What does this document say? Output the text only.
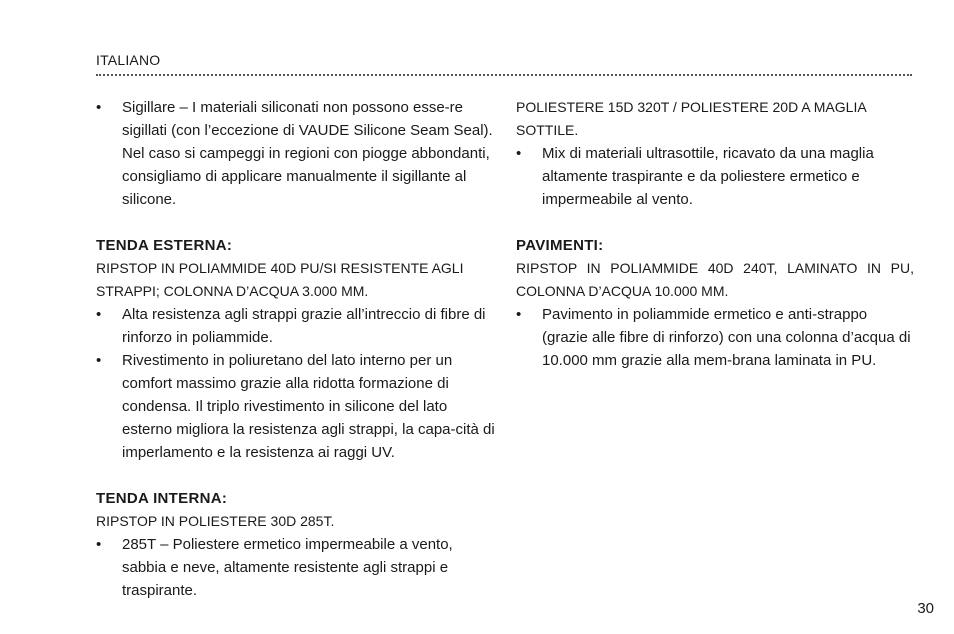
ITALIANO
• Sigillare – I materiali siliconati non possono esse-re sigillati (con l’eccezione di VAUDE Silicone Seam Seal). Nel caso si campeggi in regioni con piogge abbondanti, consigliamo di applicare manualmente il sigillante al silicone.

TENDA ESTERNA:

RIPSTOP IN POLIAMMIDE 40D PU/SI RESISTENTE AGLI STRAPPI; COLONNA D’ACQUA 3.000 MM.

• Alta resistenza agli strappi grazie all’intreccio di fibre di rinforzo in poliammide.
• Rivestimento in poliuretano del lato interno per un comfort massimo grazie alla ridotta formazione di condensa. Il triplo rivestimento in silicone del lato esterno migliora la resistenza agli strappi, la capa-cità di imperlamento e la resistenza ai raggi UV.

TENDA INTERNA:

RIPSTOP IN POLIESTERE 30D 285T.

• 285T – Poliestere ermetico impermeabile a vento, sabbia e neve, altamente resistente agli strappi e traspirante.

POLIESTERE 15D 320T / POLIESTERE 20D A MAGLIA SOTTILE.

• Mix di materiali ultrasottile, ricavato da una maglia altamente traspirante e da poliestere ermetico e impermeabile al vento.

PAVIMENTI:

RIPSTOP IN POLIAMMIDE 40D 240T, LAMINATO IN PU,

COLONNA D’ACQUA 10.000 MM.

• Pavimento in poliammide ermetico e anti-strappo (grazie alle fibre di rinforzo) con una colonna d’acqua di 10.000 mm grazie alla mem-brana laminata in PU.
30
